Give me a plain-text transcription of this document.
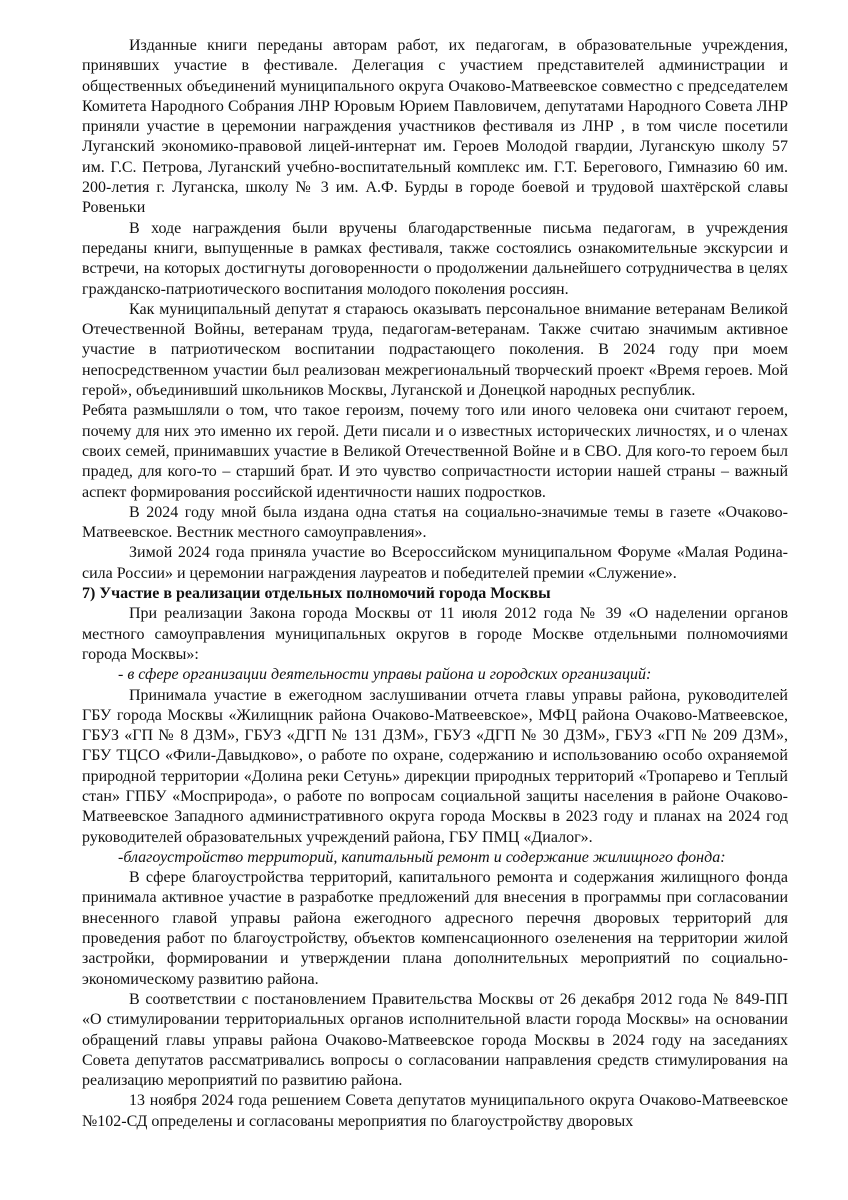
Изданные книги переданы авторам работ, их педагогам, в образовательные учреждения, принявших участие в фестивале. Делегация с участием представителей администрации и общественных объединений муниципального округа Очаково-Матвеевское совместно с председателем Комитета Народного Собрания ЛНР Юровым Юрием Павловичем, депутатами Народного Совета ЛНР приняли участие в церемонии награждения участников фестиваля из ЛНР , в том числе посетили Луганский экономико-правовой лицей-интернат им. Героев Молодой гвардии, Луганскую школу 57 им. Г.С. Петрова, Луганский учебно-воспитательный комплекс им. Г.Т. Берегового, Гимназию 60 им. 200-летия г. Луганска, школу № 3 им. А.Ф. Бурды в городе боевой и трудовой шахтёрской славы Ровеньки

В ходе награждения были вручены благодарственные письма педагогам, в учреждения переданы книги, выпущенные в рамках фестиваля, также состоялись ознакомительные экскурсии и встречи, на которых достигнуты договоренности о продолжении дальнейшего сотрудничества в целях гражданско-патриотического воспитания молодого поколения россиян.

Как муниципальный депутат я стараюсь оказывать персональное внимание ветеранам Великой Отечественной Войны, ветеранам труда, педагогам-ветеранам. Также считаю значимым активное участие в патриотическом воспитании подрастающего поколения. В 2024 году при моем непосредственном участии был реализован межрегиональный творческий проект «Время героев. Мой герой», объединивший школьников Москвы, Луганской и Донецкой народных республик.

Ребята размышляли о том, что такое героизм, почему того или иного человека они считают героем, почему для них это именно их герой. Дети писали и о известных исторических личностях, и о членах своих семей, принимавших участие в Великой Отечественной Войне и в СВО. Для кого-то героем был прадед, для кого-то – старший брат. И это чувство сопричастности истории нашей страны – важный аспект формирования российской идентичности наших подростков.

В 2024 году мной была издана одна статья на социально-значимые темы в газете «Очаково-Матвеевское. Вестник местного самоуправления».

Зимой 2024 года приняла участие во Всероссийском муниципальном Форуме «Малая Родина-сила России» и церемонии награждения лауреатов и победителей премии «Служение».

7) Участие в реализации отдельных полномочий города Москвы

При реализации Закона города Москвы от 11 июля 2012 года № 39 «О наделении органов местного самоуправления муниципальных округов в городе Москве отдельными полномочиями города Москвы»:

- в сфере организации деятельности управы района и городских организаций:

Принимала участие в ежегодном заслушивании отчета главы управы района, руководителей ГБУ города Москвы «Жилищник района Очаково-Матвеевское», МФЦ района Очаково-Матвеевское, ГБУЗ «ГП № 8 ДЗМ», ГБУЗ «ДГП № 131 ДЗМ», ГБУЗ «ДГП № 30 ДЗМ», ГБУЗ «ГП № 209 ДЗМ», ГБУ ТЦСО «Фили-Давыдково», о работе по охране, содержанию и использованию особо охраняемой природной территории «Долина реки Сетунь» дирекции природных территорий «Тропарево и Теплый стан» ГПБУ «Мосприрода», о работе по вопросам социальной защиты населения в районе Очаково-Матвеевское Западного административного округа города Москвы в 2023 году и планах на 2024 год руководителей образовательных учреждений района, ГБУ ПМЦ «Диалог».

-благоустройство территорий, капитальный ремонт и содержание жилищного фонда:

В сфере благоустройства территорий, капитального ремонта и содержания жилищного фонда принимала активное участие в разработке предложений для внесения в программы при согласовании внесенного главой управы района ежегодного адресного перечня дворовых территорий для проведения работ по благоустройству, объектов компенсационного озеленения на территории жилой застройки, формировании и утверждении плана дополнительных мероприятий по социально-экономическому развитию района.

В соответствии с постановлением Правительства Москвы от 26 декабря 2012 года № 849-ПП «О стимулировании территориальных органов исполнительной власти города Москвы» на основании обращений главы управы района Очаково-Матвеевское города Москвы в 2024 году на заседаниях Совета депутатов рассматривались вопросы о согласовании направления средств стимулирования на реализацию мероприятий по развитию района.

13 ноября 2024 года решением Совета депутатов муниципального округа Очаково-Матвеевское №102-СД определены и согласованы мероприятия по благоустройству дворовых
